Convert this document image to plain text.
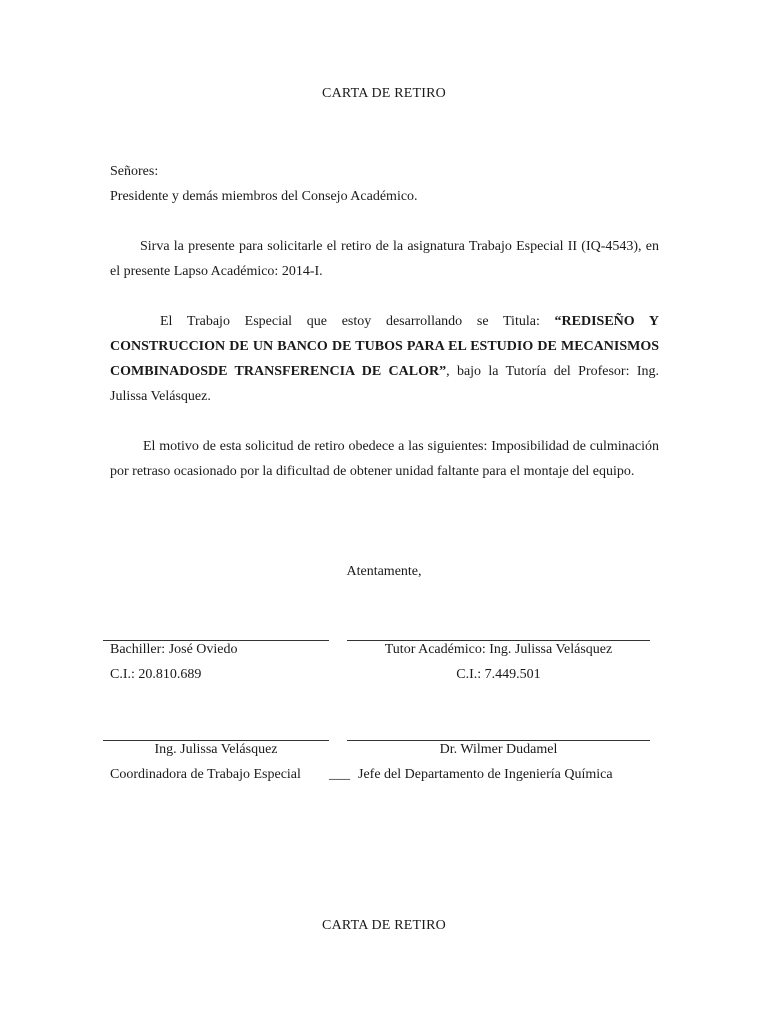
CARTA DE RETIRO
Señores:
Presidente y demás miembros del Consejo Académico.
Sirva la presente para solicitarle el retiro de la asignatura Trabajo Especial II (IQ-4543), en el presente Lapso Académico: 2014-I.
El Trabajo Especial que estoy desarrollando se Titula: “REDISEÑO Y CONSTRUCCION DE UN BANCO DE TUBOS PARA EL ESTUDIO DE MECANISMOS COMBINADOSDE TRANSFERENCIA DE CALOR”, bajo la Tutoría del Profesor: Ing. Julissa Velásquez.
El motivo de esta solicitud de retiro obedece a las siguientes: Imposibilidad de culminación por retraso ocasionado por la dificultad de obtener unidad faltante para el montaje del equipo.
Atentamente,
Bachiller: José Oviedo
C.I.: 20.810.689
Tutor Académico: Ing. Julissa Velásquez
C.I.: 7.449.501
Ing. Julissa Velásquez
Coordinadora de Trabajo Especial ___
Dr. Wilmer Dudamel
Jefe del Departamento de Ingeniería Química
CARTA DE RETIRO
